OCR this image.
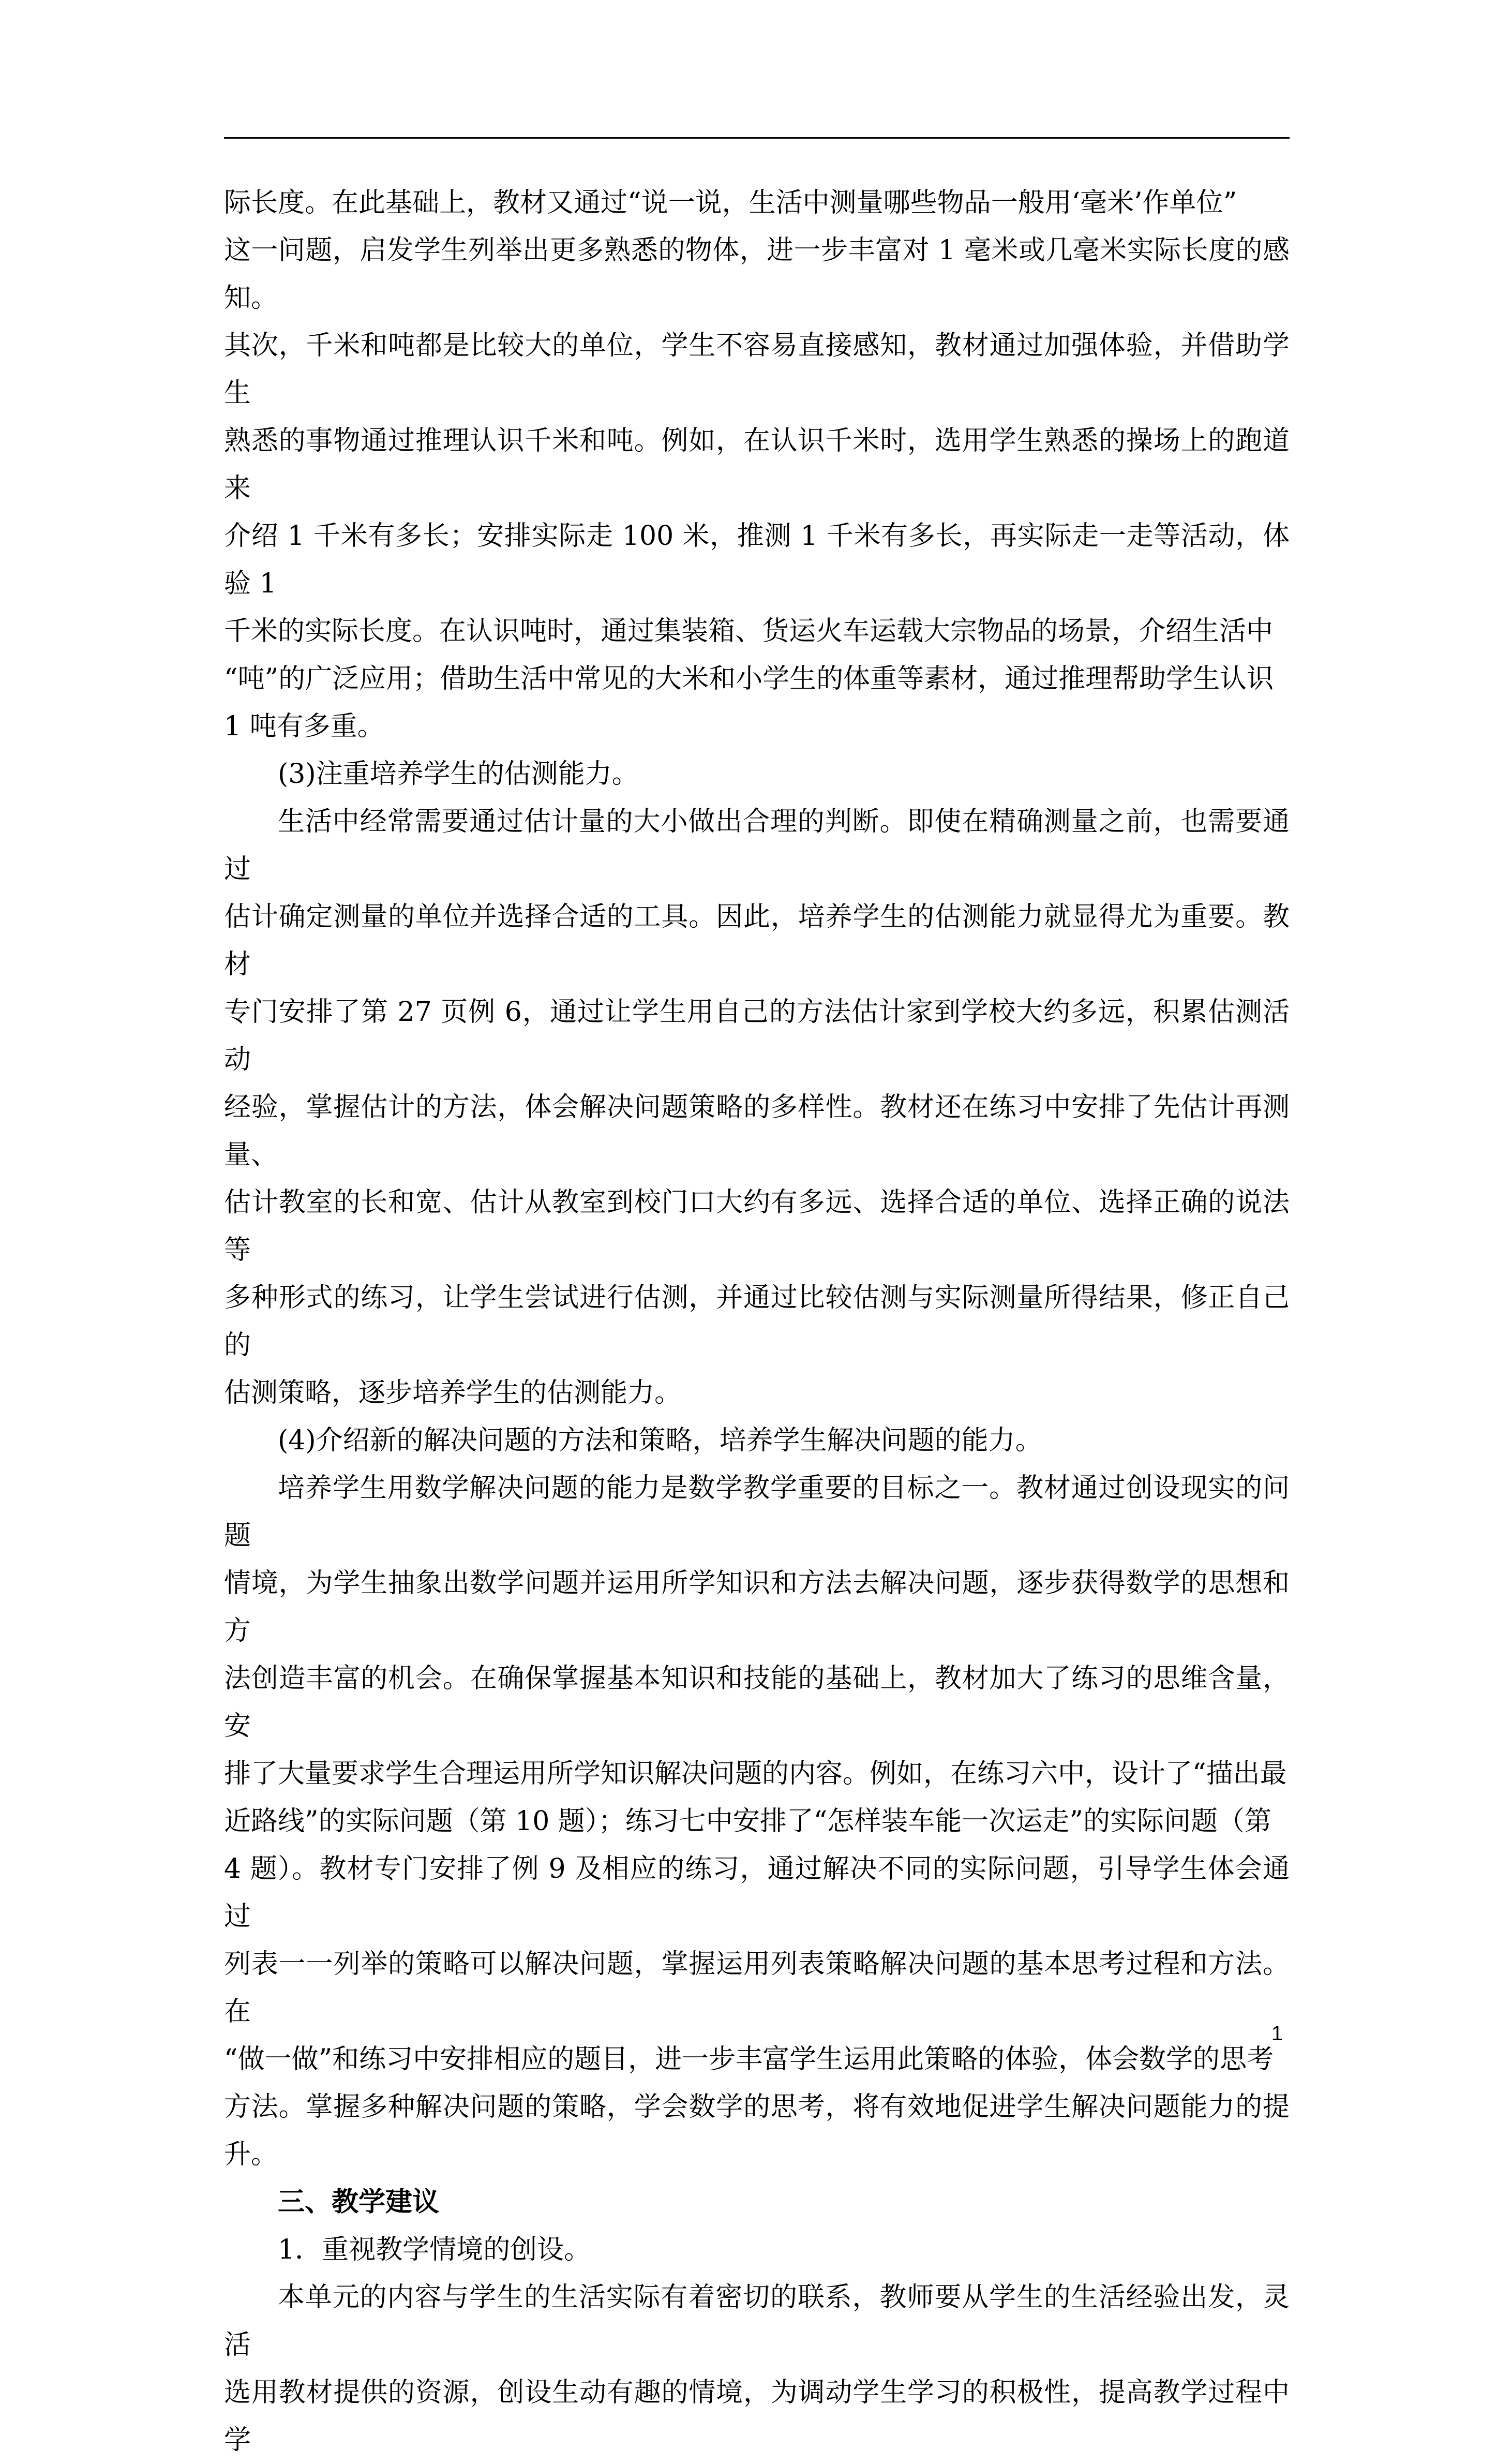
际长度。在此基础上，教材又通过“说一说，生活中测量哪些物品一般用‘毫米’作单位”
这一问题，启发学生列举出更多熟悉的物体，进一步丰富对 1 毫米或几毫米实际长度的感知。
其次，千米和吨都是比较大的单位，学生不容易直接感知，教材通过加强体验，并借助学生
熟悉的事物通过推理认识千米和吨。例如，在认识千米时，选用学生熟悉的操场上的跑道来
介绍 1 千米有多长；安排实际走 100 米，推测 1 千米有多长，再实际走一走等活动，体验 1
千米的实际长度。在认识吨时，通过集装箱、货运火车运载大宗物品的场景，介绍生活中
“吨”的广泛应用；借助生活中常见的大米和小学生的体重等素材，通过推理帮助学生认识
1 吨有多重。

(3)注重培养学生的估测能力。

生活中经常需要通过估计量的大小做出合理的判断。即使在精确测量之前，也需要通过
估计确定测量的单位并选择合适的工具。因此，培养学生的估测能力就显得尤为重要。教材
专门安排了第 27 页例 6，通过让学生用自己的方法估计家到学校大约多远，积累估测活动
经验，掌握估计的方法，体会解决问题策略的多样性。教材还在练习中安排了先估计再测量、
估计教室的长和宽、估计从教室到校门口大约有多远、选择合适的单位、选择正确的说法等
多种形式的练习，让学生尝试进行估测，并通过比较估测与实际测量所得结果，修正自己的
估测策略，逐步培养学生的估测能力。

(4)介绍新的解决问题的方法和策略，培养学生解决问题的能力。

培养学生用数学解决问题的能力是数学教学重要的目标之一。教材通过创设现实的问题
情境，为学生抽象出数学问题并运用所学知识和方法去解决问题，逐步获得数学的思想和方
法创造丰富的机会。在确保掌握基本知识和技能的基础上，教材加大了练习的思维含量，安
排了大量要求学生合理运用所学知识解决问题的内容。例如，在练习六中，设计了“描出最
近路线”的实际问题（第 10 题）；练习七中安排了“怎样装车能一次运走”的实际问题（第
4 题）。教材专门安排了例 9 及相应的练习，通过解决不同的实际问题，引导学生体会通过
列表一一列举的策略可以解决问题，掌握运用列表策略解决问题的基本思考过程和方法。在
“做一做”和练习中安排相应的题目，进一步丰富学生运用此策略的体验，体会数学的思考
方法。掌握多种解决问题的策略，学会数学的思考，将有效地促进学生解决问题能力的提升。

三、教学建议

1．重视教学情境的创设。

本单元的内容与学生的生活实际有着密切的联系，教师要从学生的生活经验出发，灵活
选用教材提供的资源，创设生动有趣的情境，为调动学生学习的积极性，提高教学过程中学

1
